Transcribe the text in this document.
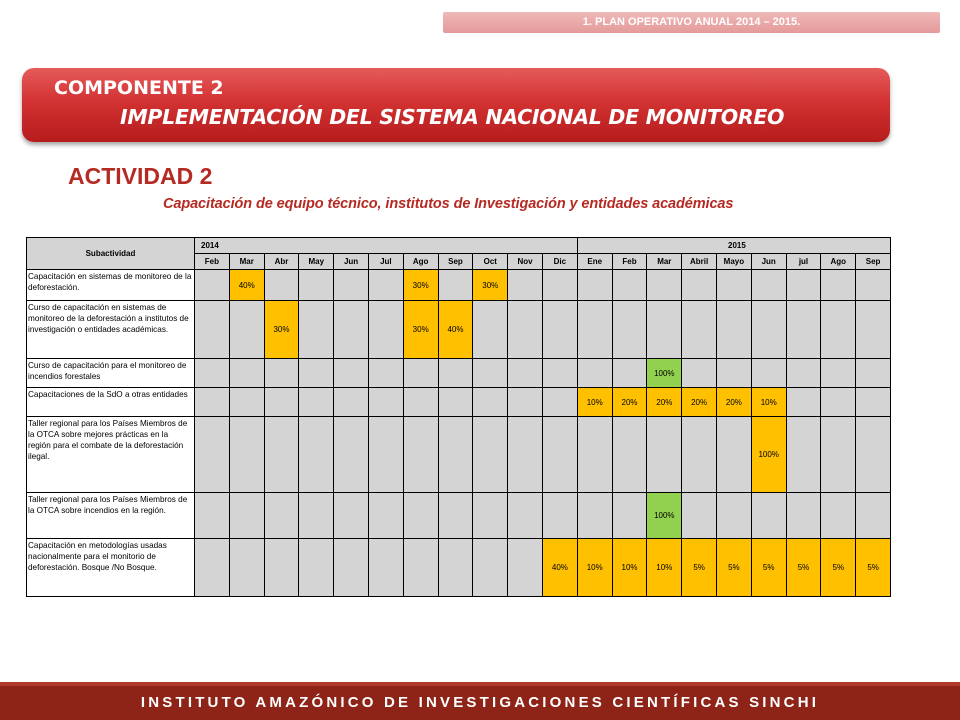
1. PLAN OPERATIVO ANUAL 2014 – 2015.
COMPONENTE 2
IMPLEMENTACIÓN DEL SISTEMA NACIONAL DE MONITOREO
ACTIVIDAD 2
Capacitación de equipo técnico, institutos de Investigación y entidades académicas
Subactividad	2014											2015								
	Feb	Mar	Abr	May	Jun	Jul	Ago	Sep	Oct	Nov	Dic	Ene	Feb	Mar	Abril	Mayo	Jun	jul	Ago	Sep
Capacitación en sistemas de monitoreo de la deforestación.		40%					30%		30%											
Curso de capacitación en sistemas de monitoreo de la deforestación a institutos de investigación o entidades académicas.			30%				30%	40%												
Curso de capacitación para el monitoreo de incendios forestales														100%						
Capacitaciones de la SdO a otras entidades												10%	20%	20%	20%	20%	10%			
Taller regional para los Países Miembros de la OTCA sobre mejores prácticas en la región para el combate de la deforestación ilegal.																	100%			
Taller regional para los Países Miembros de la OTCA sobre incendios en la región.														100%						
Capacitación en metodologías usadas nacionalmente para el monitorio de deforestación. Bosque /No Bosque.											40%	10%	10%	10%	5%	5%	5%	5%	5%	5%
INSTITUTO AMAZÓNICO DE INVESTIGACIONES CIENTÍFICAS SINCHI
